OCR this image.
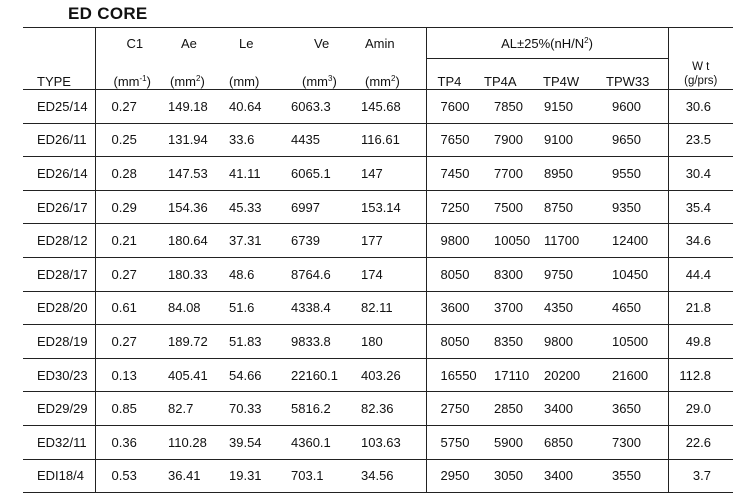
ED CORE
	C1	Ae	Le	Ve	Amin	$AL\pm 25\%(nH/N^2)$				
TYPE	$(mm^{-1})$	$(mm^2)$	(mm)	$(mm^3)$	$(mm^2)$	TP4	TP4A	TP4W	TPW33	W t
(g/prs)

ED25/14	0.27	149.18	40.64	6063.3	145.68	7600	7850	9150	9600	30.6
ED26/11	0.25	131.94	33.6	4435	116.61	7650	7900	9100	9650	23.5
ED26/14	0.28	147.53	41.11	6065.1	147	7450	7700	8950	9550	30.4
ED26/17	0.29	154.36	45.33	6997	153.14	7250	7500	8750	9350	35.4
ED28/12	0.21	180.64	37.31	6739	177	9800	10050	11700	12400	34.6
ED28/17	0.27	180.33	48.6	8764.6	174	8050	8300	9750	10450	44.4
ED28/20	0.61	84.08	51.6	4338.4	82.11	3600	3700	4350	4650	21.8
ED28/19	0.27	189.72	51.83	9833.8	180	8050	8350	9800	10500	49.8
ED30/23	0.13	405.41	54.66	22160.1	403.26	16550	17110	20200	21600	112.8
ED29/29	0.85	82.7	70.33	5816.2	82.36	2750	2850	3400	3650	29.0
ED32/11	0.36	110.28	39.54	4360.1	103.63	5750	5900	6850	7300	22.6
EDI18/4	0.53	36.41	19.31	703.1	34.56	2950	3050	3400	3550	3.7
